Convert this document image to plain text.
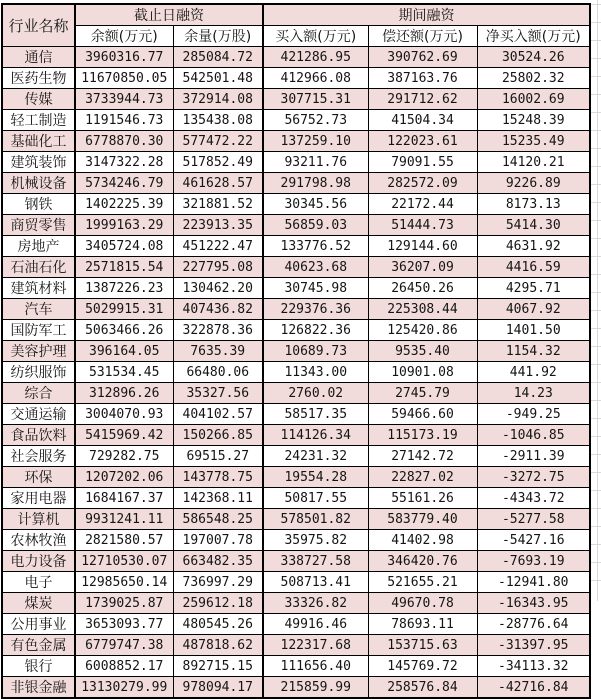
行业名称	截止日融资		期间融资		
	余额(万元)	余量(万股)	买入额(万元)	偿还额(万元)	净买入额(万元)
通信	3960316.77	285084.72	421286.95	390762.69	30524.26
医药生物	11670850.05	542501.48	412966.08	387163.76	25802.32
传媒	3733944.73	372914.08	307715.31	291712.62	16002.69
轻工制造	1191546.73	135438.08	56752.73	41504.34	15248.39
基础化工	6778870.30	577472.22	137259.10	122023.61	15235.49
建筑装饰	3147322.28	517852.49	93211.76	79091.55	14120.21
机械设备	5734246.79	461628.57	291798.98	282572.09	9226.89
钢铁	1402225.39	321881.52	30345.56	22172.44	8173.13
商贸零售	1999163.29	223913.35	56859.03	51444.73	5414.30
房地产	3405724.08	451222.47	133776.52	129144.60	4631.92
石油石化	2571815.54	227795.08	40623.68	36207.09	4416.59
建筑材料	1387226.23	130462.20	30745.98	26450.26	4295.71
汽车	5029915.31	407436.82	229376.36	225308.44	4067.92
国防军工	5063466.26	322878.36	126822.36	125420.86	1401.50
美容护理	396164.05	7635.39	10689.73	9535.40	1154.32
纺织服饰	531534.45	66480.06	11343.00	10901.08	441.92
综合	312896.26	35327.56	2760.02	2745.79	14.23
交通运输	3004070.93	404102.57	58517.35	59466.60	-949.25
食品饮料	5415969.42	150266.85	114126.34	115173.19	-1046.85
社会服务	729282.75	69515.27	24231.32	27142.72	-2911.39
环保	1207202.06	143778.75	19554.28	22827.02	-3272.75
家用电器	1684167.37	142368.11	50817.55	55161.26	-4343.72
计算机	9931241.11	586548.25	578501.82	583779.40	-5277.58
农林牧渔	2821580.57	197007.78	35975.82	41402.98	-5427.16
电力设备	12710530.07	663482.35	338727.58	346420.76	-7693.19
电子	12985650.14	736997.29	508713.41	521655.21	-12941.80
煤炭	1739025.87	259612.18	33326.82	49670.78	-16343.95
公用事业	3653093.77	480545.26	49916.46	78693.11	-28776.64
有色金属	6779747.38	487818.62	122317.68	153715.63	-31397.95
银行	6008852.17	892715.15	111656.40	145769.72	-34113.32
非银金融	13130279.99	978094.17	215859.99	258576.84	-42716.84
